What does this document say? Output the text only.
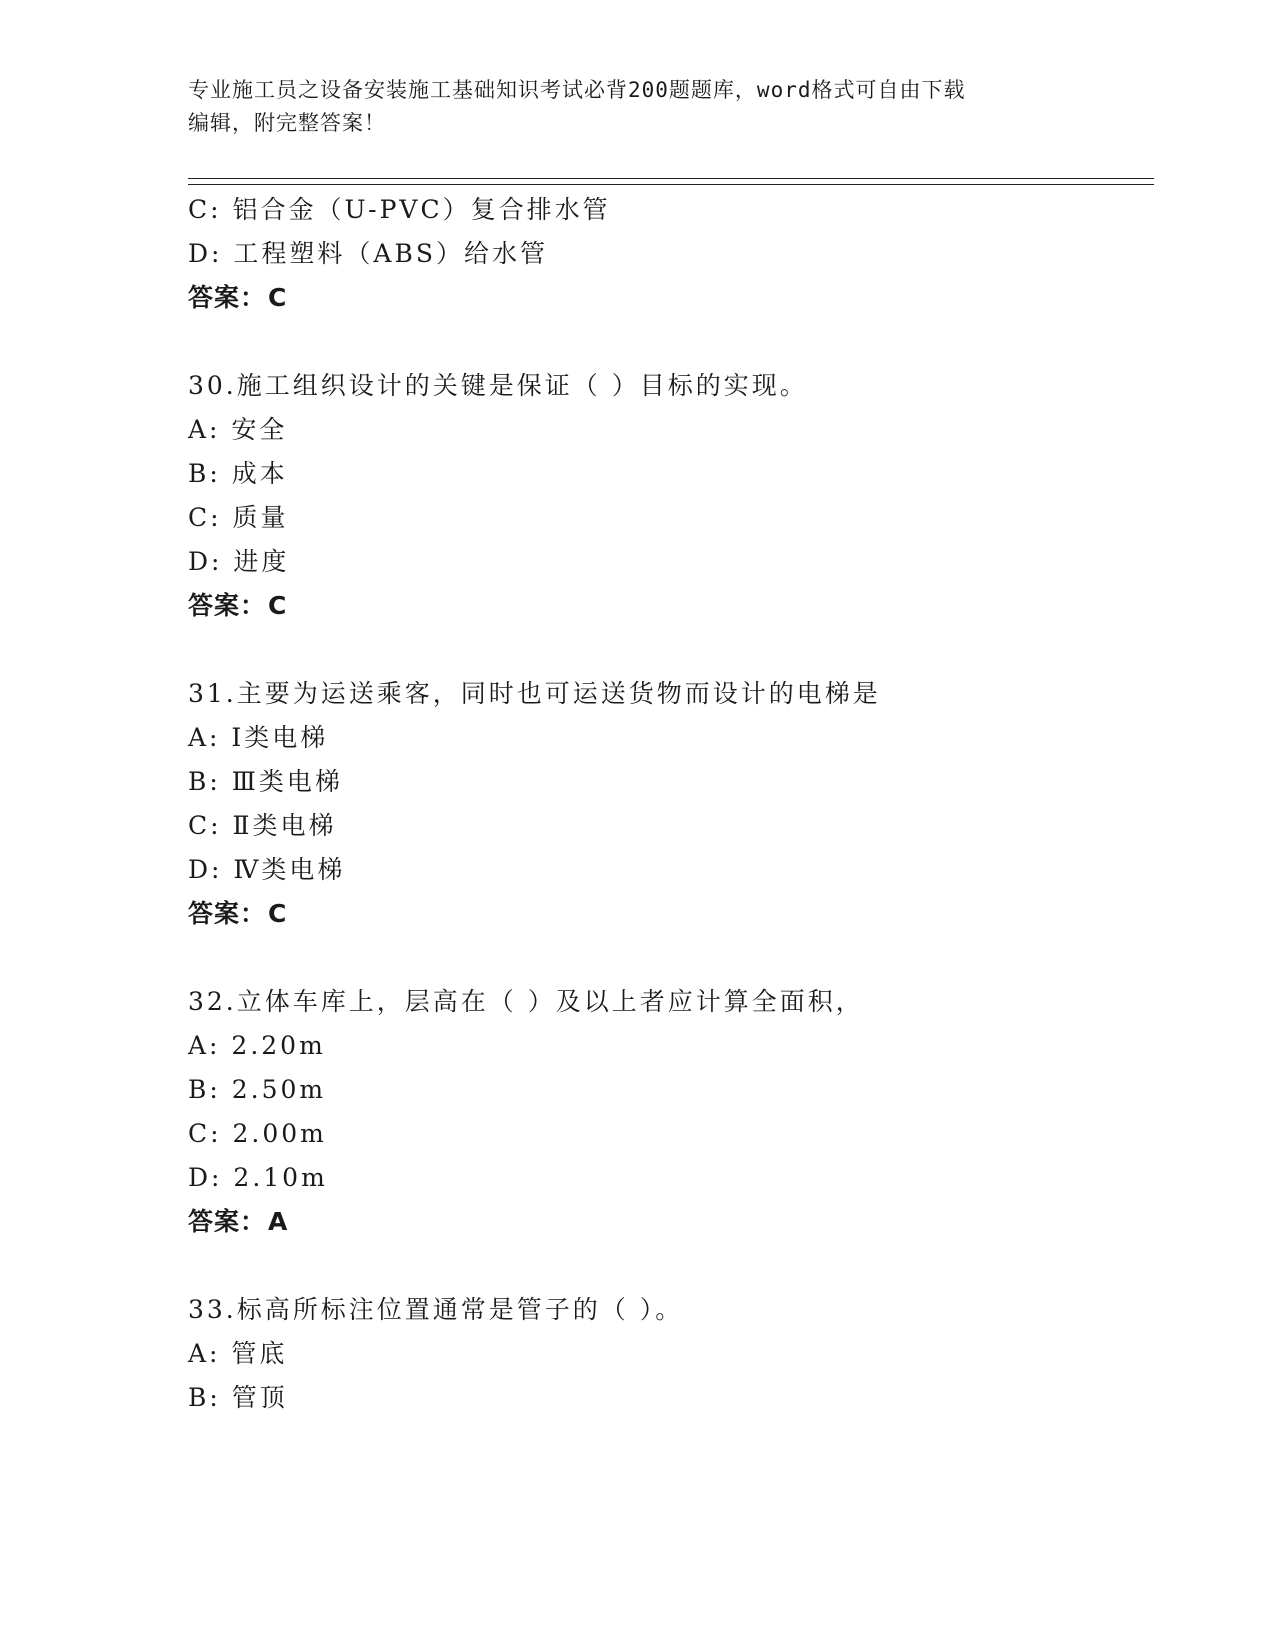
专业施工员之设备安装施工基础知识考试必背200题题库，word格式可自由下载
编辑，附完整答案！
C: 铝合金（U-PVC）复合排水管
D: 工程塑料（ABS）给水管
答案：C
30.施工组织设计的关键是保证（ ）目标的实现。
A: 安全
B: 成本
C: 质量
D: 进度
答案：C
31.主要为运送乘客，同时也可运送货物而设计的电梯是
A: Ⅰ类电梯
B: Ⅲ类电梯
C: Ⅱ类电梯
D: Ⅳ类电梯
答案：C
32.立体车库上，层高在（ ）及以上者应计算全面积，
A: 2.20m
B: 2.50m
C: 2.00m
D: 2.10m
答案：A
33.标高所标注位置通常是管子的（ ）。
A: 管底
B: 管顶
